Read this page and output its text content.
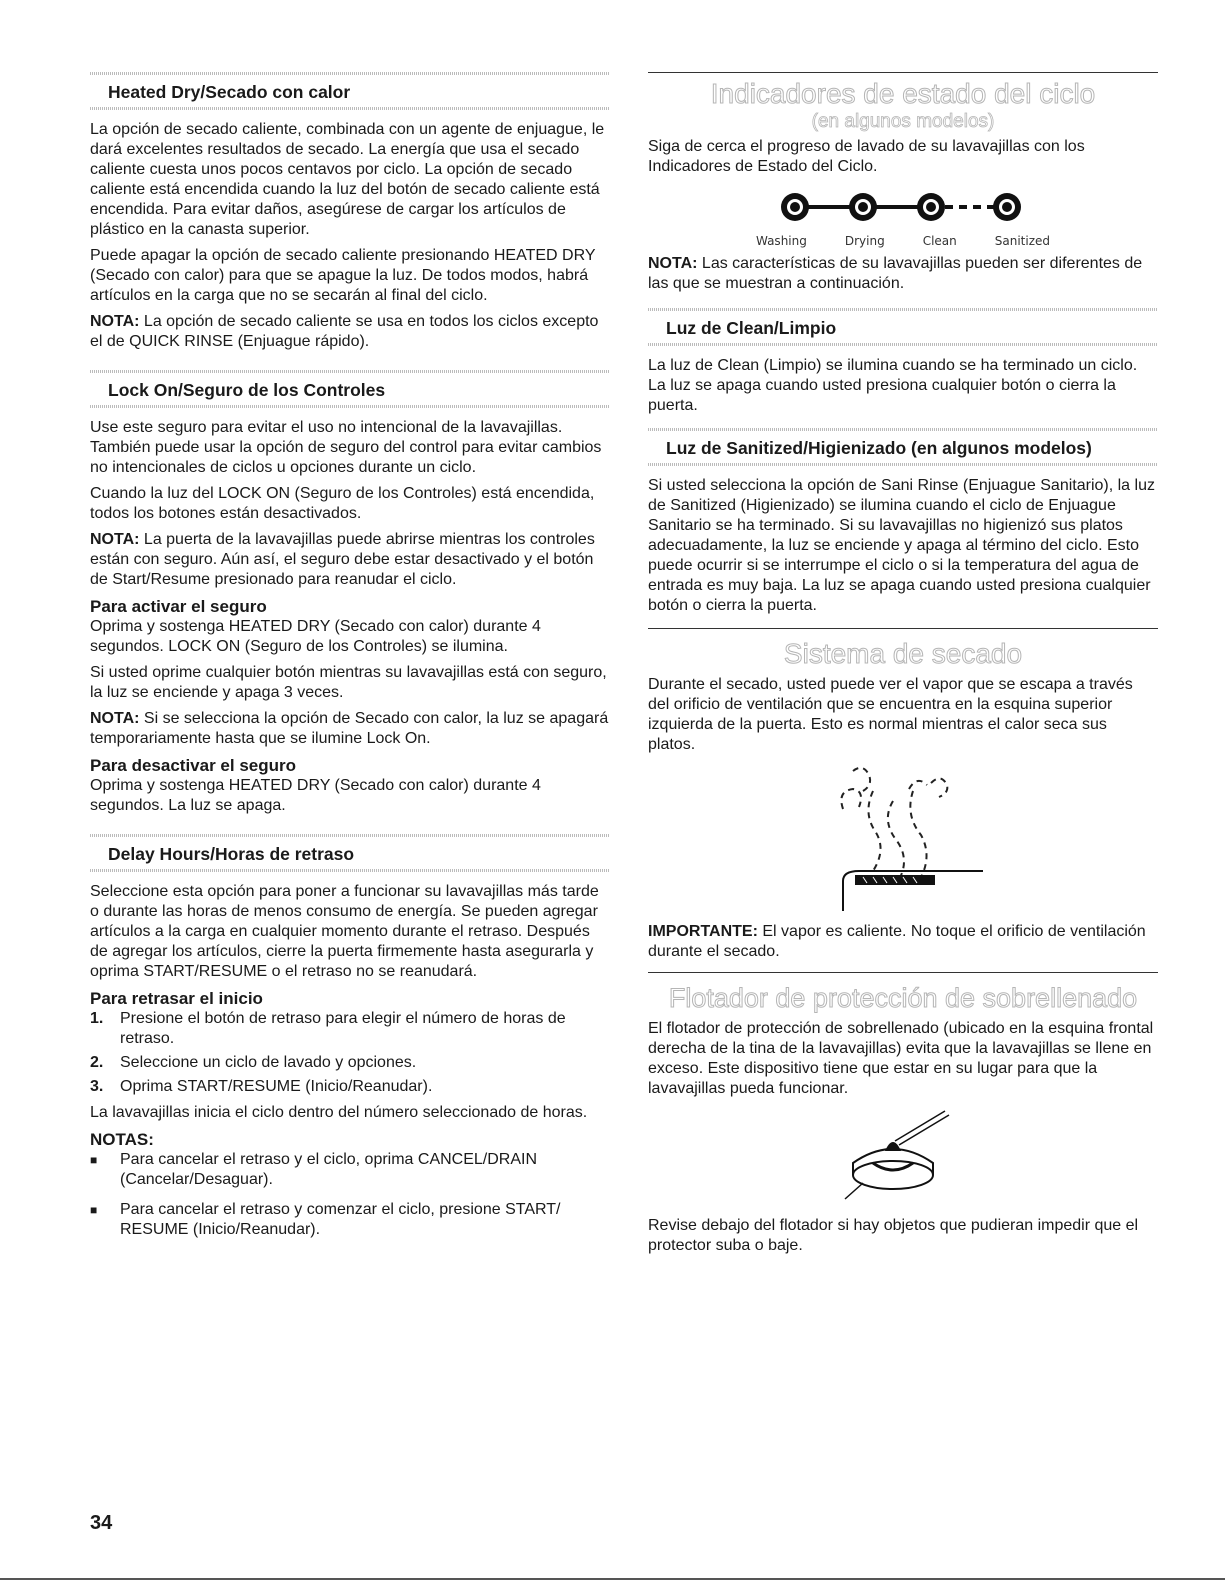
Heated Dry/Secado con calor

La opción de secado caliente, combinada con un agente de enjuague, le dará excelentes resultados de secado. La energía que usa el secado caliente cuesta unos pocos centavos por ciclo. La opción de secado caliente está encendida cuando la luz del botón de secado caliente está encendida. Para evitar daños, asegúrese de cargar los artículos de plástico en la canasta superior.

Puede apagar la opción de secado caliente presionando HEATED DRY (Secado con calor) para que se apague la luz. De todos modos, habrá artículos en la carga que no se secarán al final del ciclo.

NOTA: La opción de secado caliente se usa en todos los ciclos excepto el de QUICK RINSE (Enjuague rápido).

Lock On/Seguro de los Controles

Use este seguro para evitar el uso no intencional de la lavavajillas. También puede usar la opción de seguro del control para evitar cambios no intencionales de ciclos u opciones durante un ciclo.

Cuando la luz del LOCK ON (Seguro de los Controles) está encendida, todos los botones están desactivados.

NOTA: La puerta de la lavavajillas puede abrirse mientras los controles están con seguro. Aún así, el seguro debe estar desactivado y el botón de Start/Resume presionado para reanudar el ciclo.

Para activar el seguro

Oprima y sostenga HEATED DRY (Secado con calor) durante 4 segundos. LOCK ON (Seguro de los Controles) se ilumina.

Si usted oprime cualquier botón mientras su lavavajillas está con seguro, la luz se enciende y apaga 3 veces.

NOTA: Si se selecciona la opción de Secado con calor, la luz se apagará temporariamente hasta que se ilumine Lock On.

Para desactivar el seguro

Oprima y sostenga HEATED DRY (Secado con calor) durante 4 segundos. La luz se apaga.

Delay Hours/Horas de retraso

Seleccione esta opción para poner a funcionar su lavavajillas más tarde o durante las horas de menos consumo de energía. Se pueden agregar artículos a la carga en cualquier momento durante el retraso. Después de agregar los artículos, cierre la puerta firmemente hasta asegurarla y oprima START/RESUME o el retraso no se reanudará.

Para retrasar el inicio
1.	Presione el botón de retraso para elegir el número de horas de retraso.
2.	Seleccione un ciclo de lavado y opciones.
3.	Oprima START/RESUME (Inicio/Reanudar).

La lavavajillas inicia el ciclo dentro del número seleccionado de horas.

NOTAS:
■	Para cancelar el retraso y el ciclo, oprima CANCEL/DRAIN (Cancelar/Desaguar).
■	Para cancelar el retraso y comenzar el ciclo, presione START/ RESUME (Inicio/Reanudar).
Indicadores de estado del ciclo
(en algunos modelos)

Siga de cerca el progreso de lavado de su lavavajillas con los Indicadores de Estado del Ciclo.

Washing	Drying	Clean	Sanitized

NOTA: Las características de su lavavajillas pueden ser diferentes de las que se muestran a continuación.

Luz de Clean/Limpio

La luz de Clean (Limpio) se ilumina cuando se ha terminado un ciclo. La luz se apaga cuando usted presiona cualquier botón o cierra la puerta.

Luz de Sanitized/Higienizado (en algunos modelos)

Si usted selecciona la opción de Sani Rinse (Enjuague Sanitario), la luz de Sanitized (Higienizado) se ilumina cuando el ciclo de Enjuague Sanitario se ha terminado. Si su lavavajillas no higienizó sus platos adecuadamente, la luz se enciende y apaga al término del ciclo. Esto puede ocurrir si se interrumpe el ciclo o si la temperatura del agua de entrada es muy baja. La luz se apaga cuando usted presiona cualquier botón o cierra la puerta.

Sistema de secado

Durante el secado, usted puede ver el vapor que se escapa a través del orificio de ventilación que se encuentra en la esquina superior izquierda de la puerta. Esto es normal mientras el calor seca sus platos.

IMPORTANTE: El vapor es caliente. No toque el orificio de ventilación durante el secado.

Flotador de protección de sobrellenado

El flotador de protección de sobrellenado (ubicado en la esquina frontal derecha de la tina de la lavavajillas) evita que la lavavajillas se llene en exceso. Este dispositivo tiene que estar en su lugar para que la lavavajillas pueda funcionar.

Revise debajo del flotador si hay objetos que pudieran impedir que el protector suba o baje.

34
